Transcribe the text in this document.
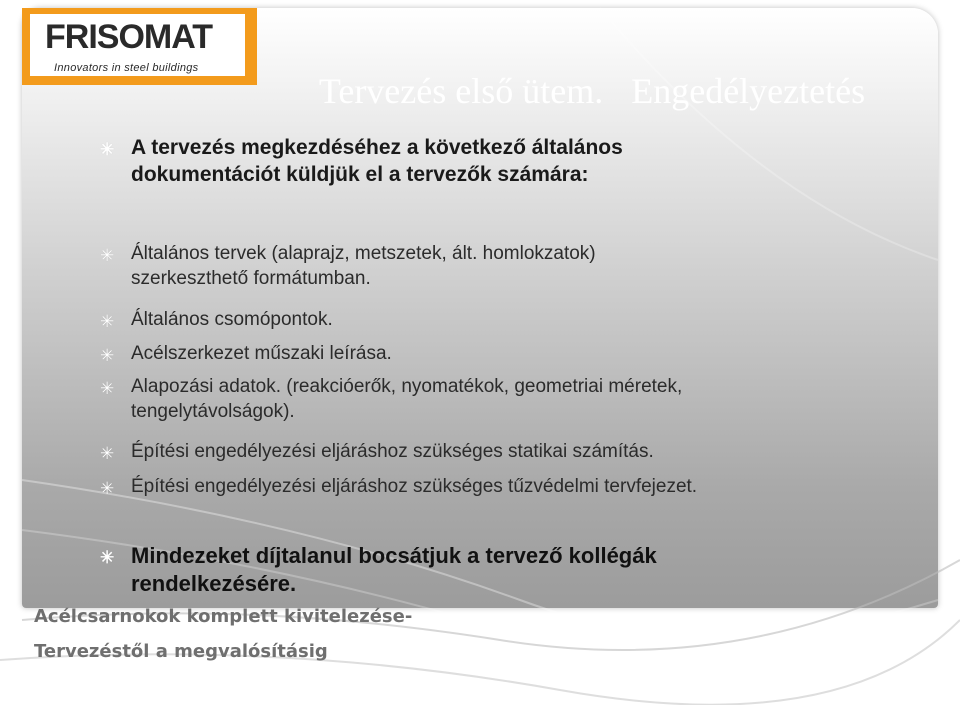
FRISOMAT
Innovators in steel buildings
Tervezés első ütem. Engedélyeztetés
✳ A tervezés megkezdéséhez a következő általános dokumentációt küldjük el a tervezők számára:
✳ Általános tervek (alaprajz, metszetek, ált. homlokzatok)
szerkeszthető formátumban.
✳ Általános csomópontok.
✳ Acélszerkezet műszaki leírása.
✳ Alapozási adatok. (reakcióerők, nyomatékok, geometriai méretek,
tengelytávolságok).
✳ Építési engedélyezési eljáráshoz szükséges statikai számítás.
✳ Építési engedélyezési eljáráshoz szükséges tűzvédelmi tervfejezet.
✳ Mindezeket díjtalanul bocsátjuk a tervező kollégák
rendelkezésére.
Acélcsarnokok komplett kivitelezése-
Tervezéstől a megvalósításig
